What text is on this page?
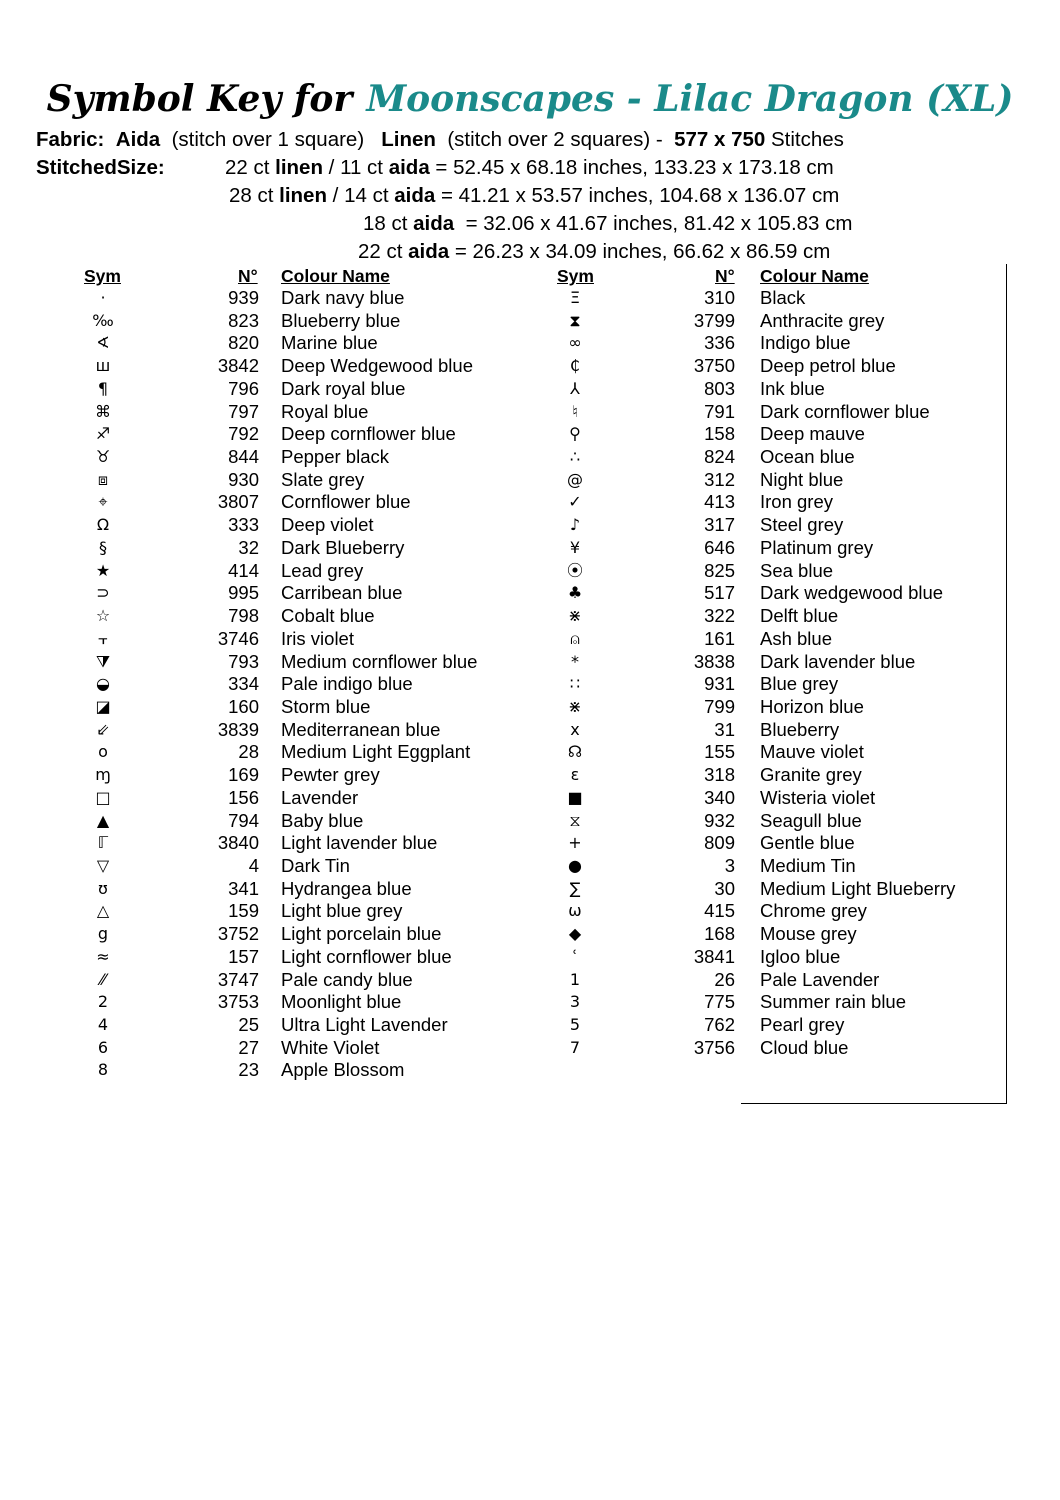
Symbol Key for Moonscapes - Lilac Dragon (XL)
Fabric: Aida (stitch over 1 square) Linen (stitch over 2 squares) - 577 x 750 Stitches
StitchedSize:	22 ct linen / 11 ct aida = 52.45 x 68.18 inches, 133.23 x 173.18 cm
28 ct linen / 14 ct aida = 41.21 x 53.57 inches, 104.68 x 136.07 cm
18 ct aida  = 32.06 x 41.67 inches, 81.42 x 105.83 cm
22 ct aida = 26.23 x 34.09 inches, 66.62 x 86.59 cm
Sym	N° Colour Name	Sym	N° Colour Name
·	939 Dark navy blue
‰	823 Blueberry blue
∢	820 Marine blue
ш	3842 Deep Wedgewood blue
¶	796 Dark royal blue
⌘	797 Royal blue
♐	792 Deep cornflower blue
♉	844 Pepper black
⧈	930 Slate grey
⌖	3807 Cornflower blue
Ω	333 Deep violet
§	32 Dark Blueberry
★	414 Lead grey
⊃	995 Carribean blue
☆	798 Cobalt blue
⫟	3746 Iris violet
⧩	793 Medium cornflower blue
◒	334 Pale indigo blue
◪	160 Storm blue
⇙	3839 Mediterranean blue
o	28 Medium Light Eggplant
ɱ	169 Pewter grey
□	156 Lavender
▲	794 Baby blue
ℾ	3840 Light lavender blue
▽	4 Dark Tin
ʊ	341 Hydrangea blue
△	159 Light blue grey
g	3752 Light porcelain blue
≈	157 Light cornflower blue
⁄⁄	3747 Pale candy blue
2	3753 Moonlight blue
4	25 Ultra Light Lavender
6	27 White Violet
8	23 Apple Blossom
Ξ	310 Black
⧗	3799 Anthracite grey
∞	336 Indigo blue
₵	3750 Deep petrol blue
⅄	803 Ink blue
♮	791 Dark cornflower blue
⚲	158 Deep mauve
∴	824 Ocean blue
@	312 Night blue
✓	413 Iron grey
♪	317 Steel grey
¥	646 Platinum grey
⦿	825 Sea blue
♣	517 Dark wedgewood blue
⋇	322 Delft blue
⍝	161 Ash blue
*	3838 Dark lavender blue
∷	931 Blue grey
⋇	799 Horizon blue
x	31 Blueberry
☊	155 Mauve violet
ɛ	318 Granite grey
■	340 Wisteria violet
⧖	932 Seagull blue
+	809 Gentle blue
●	3 Medium Tin
∑	30 Medium Light Blueberry
ω	415 Chrome grey
◆	168 Mouse grey
ʿ	3841 Igloo blue
1	26 Pale Lavender
3	775 Summer rain blue
5	762 Pearl grey
7	3756 Cloud blue
